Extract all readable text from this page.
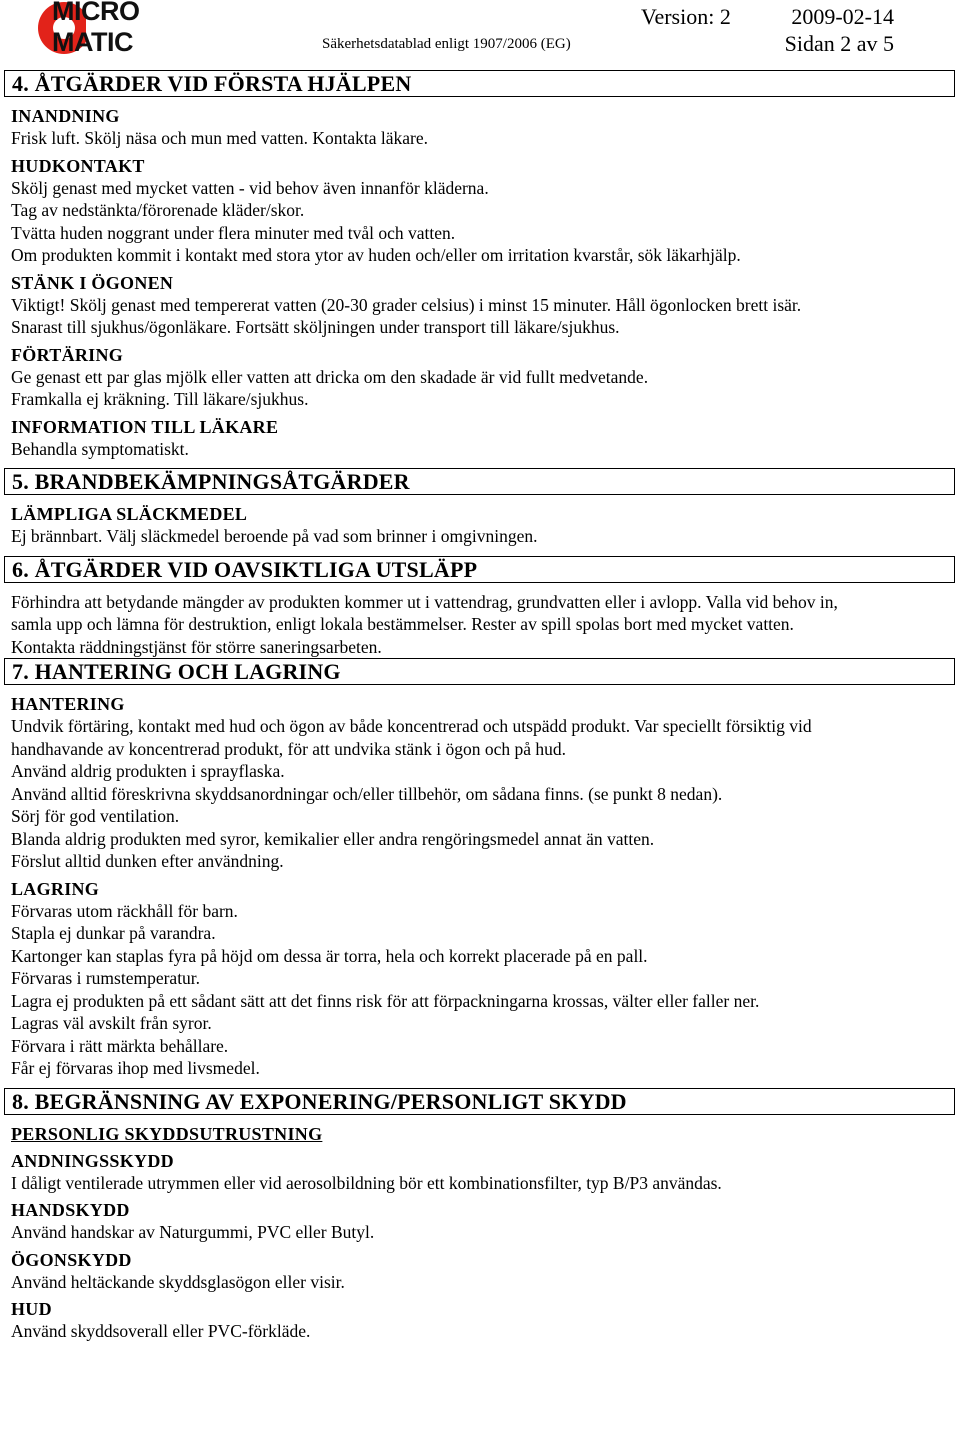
MICRO MATIC	Säkerhetsdatablad enligt 1907/2006 (EG)
Version: 2	2009-02-14
Sidan 2 av 5
4. ÅTGÄRDER VID FÖRSTA HJÄLPEN
INANDNING
Frisk luft. Skölj näsa och mun med vatten. Kontakta läkare.
HUDKONTAKT
Skölj genast med mycket vatten - vid behov även innanför kläderna.
Tag av nedstänkta/förorenade kläder/skor.
Tvätta huden noggrant under flera minuter med tvål och vatten.
Om produkten kommit i kontakt med stora ytor av huden och/eller om irritation kvarstår, sök läkarhjälp.
STÄNK I ÖGONEN
Viktigt! Skölj genast med tempererat vatten (20-30 grader celsius) i minst 15 minuter. Håll ögonlocken brett isär.
Snarast till sjukhus/ögonläkare. Fortsätt sköljningen under transport till läkare/sjukhus.
FÖRTÄRING
Ge genast ett par glas mjölk eller vatten att dricka om den skadade är vid fullt medvetande.
Framkalla ej kräkning. Till läkare/sjukhus.
INFORMATION TILL LÄKARE
Behandla symptomatiskt.
5. BRANDBEKÄMPNINGSÅTGÄRDER
LÄMPLIGA SLÄCKMEDEL
Ej brännbart. Välj släckmedel beroende på vad som brinner i omgivningen.
6. ÅTGÄRDER VID OAVSIKTLIGA UTSLÄPP
Förhindra att betydande mängder av produkten kommer ut i vattendrag, grundvatten eller i avlopp. Valla vid behov in,
samla upp och lämna för destruktion, enligt lokala bestämmelser. Rester av spill spolas bort med mycket vatten.
Kontakta räddningstjänst för större saneringsarbeten.
7. HANTERING OCH LAGRING
HANTERING
Undvik förtäring, kontakt med hud och ögon av både koncentrerad och utspädd produkt. Var speciellt försiktig vid
handhavande av koncentrerad produkt, för att undvika stänk i ögon och på hud.
Använd aldrig produkten i sprayflaska.
Använd alltid föreskrivna skyddsanordningar och/eller tillbehör, om sådana finns. (se punkt 8 nedan).
Sörj för god ventilation.
Blanda aldrig produkten med syror, kemikalier eller andra rengöringsmedel annat än vatten.
Förslut alltid dunken efter användning.
LAGRING
Förvaras utom räckhåll för barn.
Stapla ej dunkar på varandra.
Kartonger kan staplas fyra på höjd om dessa är torra, hela och korrekt placerade på en pall.
Förvaras i rumstemperatur.
Lagra ej produkten på ett sådant sätt att det finns risk för att förpackningarna krossas, välter eller faller ner.
Lagras väl avskilt från syror.
Förvara i rätt märkta behållare.
Får ej förvaras ihop med livsmedel.
8. BEGRÄNSNING AV EXPONERING/PERSONLIGT SKYDD
PERSONLIG SKYDDSUTRUSTNING
ANDNINGSSKYDD
I dåligt ventilerade utrymmen eller vid aerosolbildning bör ett kombinationsfilter, typ B/P3 användas.
HANDSKYDD
Använd handskar av Naturgummi, PVC eller Butyl.
ÖGONSKYDD
Använd heltäckande skyddsglasögon eller visir.
HUD
Använd skyddsoverall eller PVC-förkläde.
